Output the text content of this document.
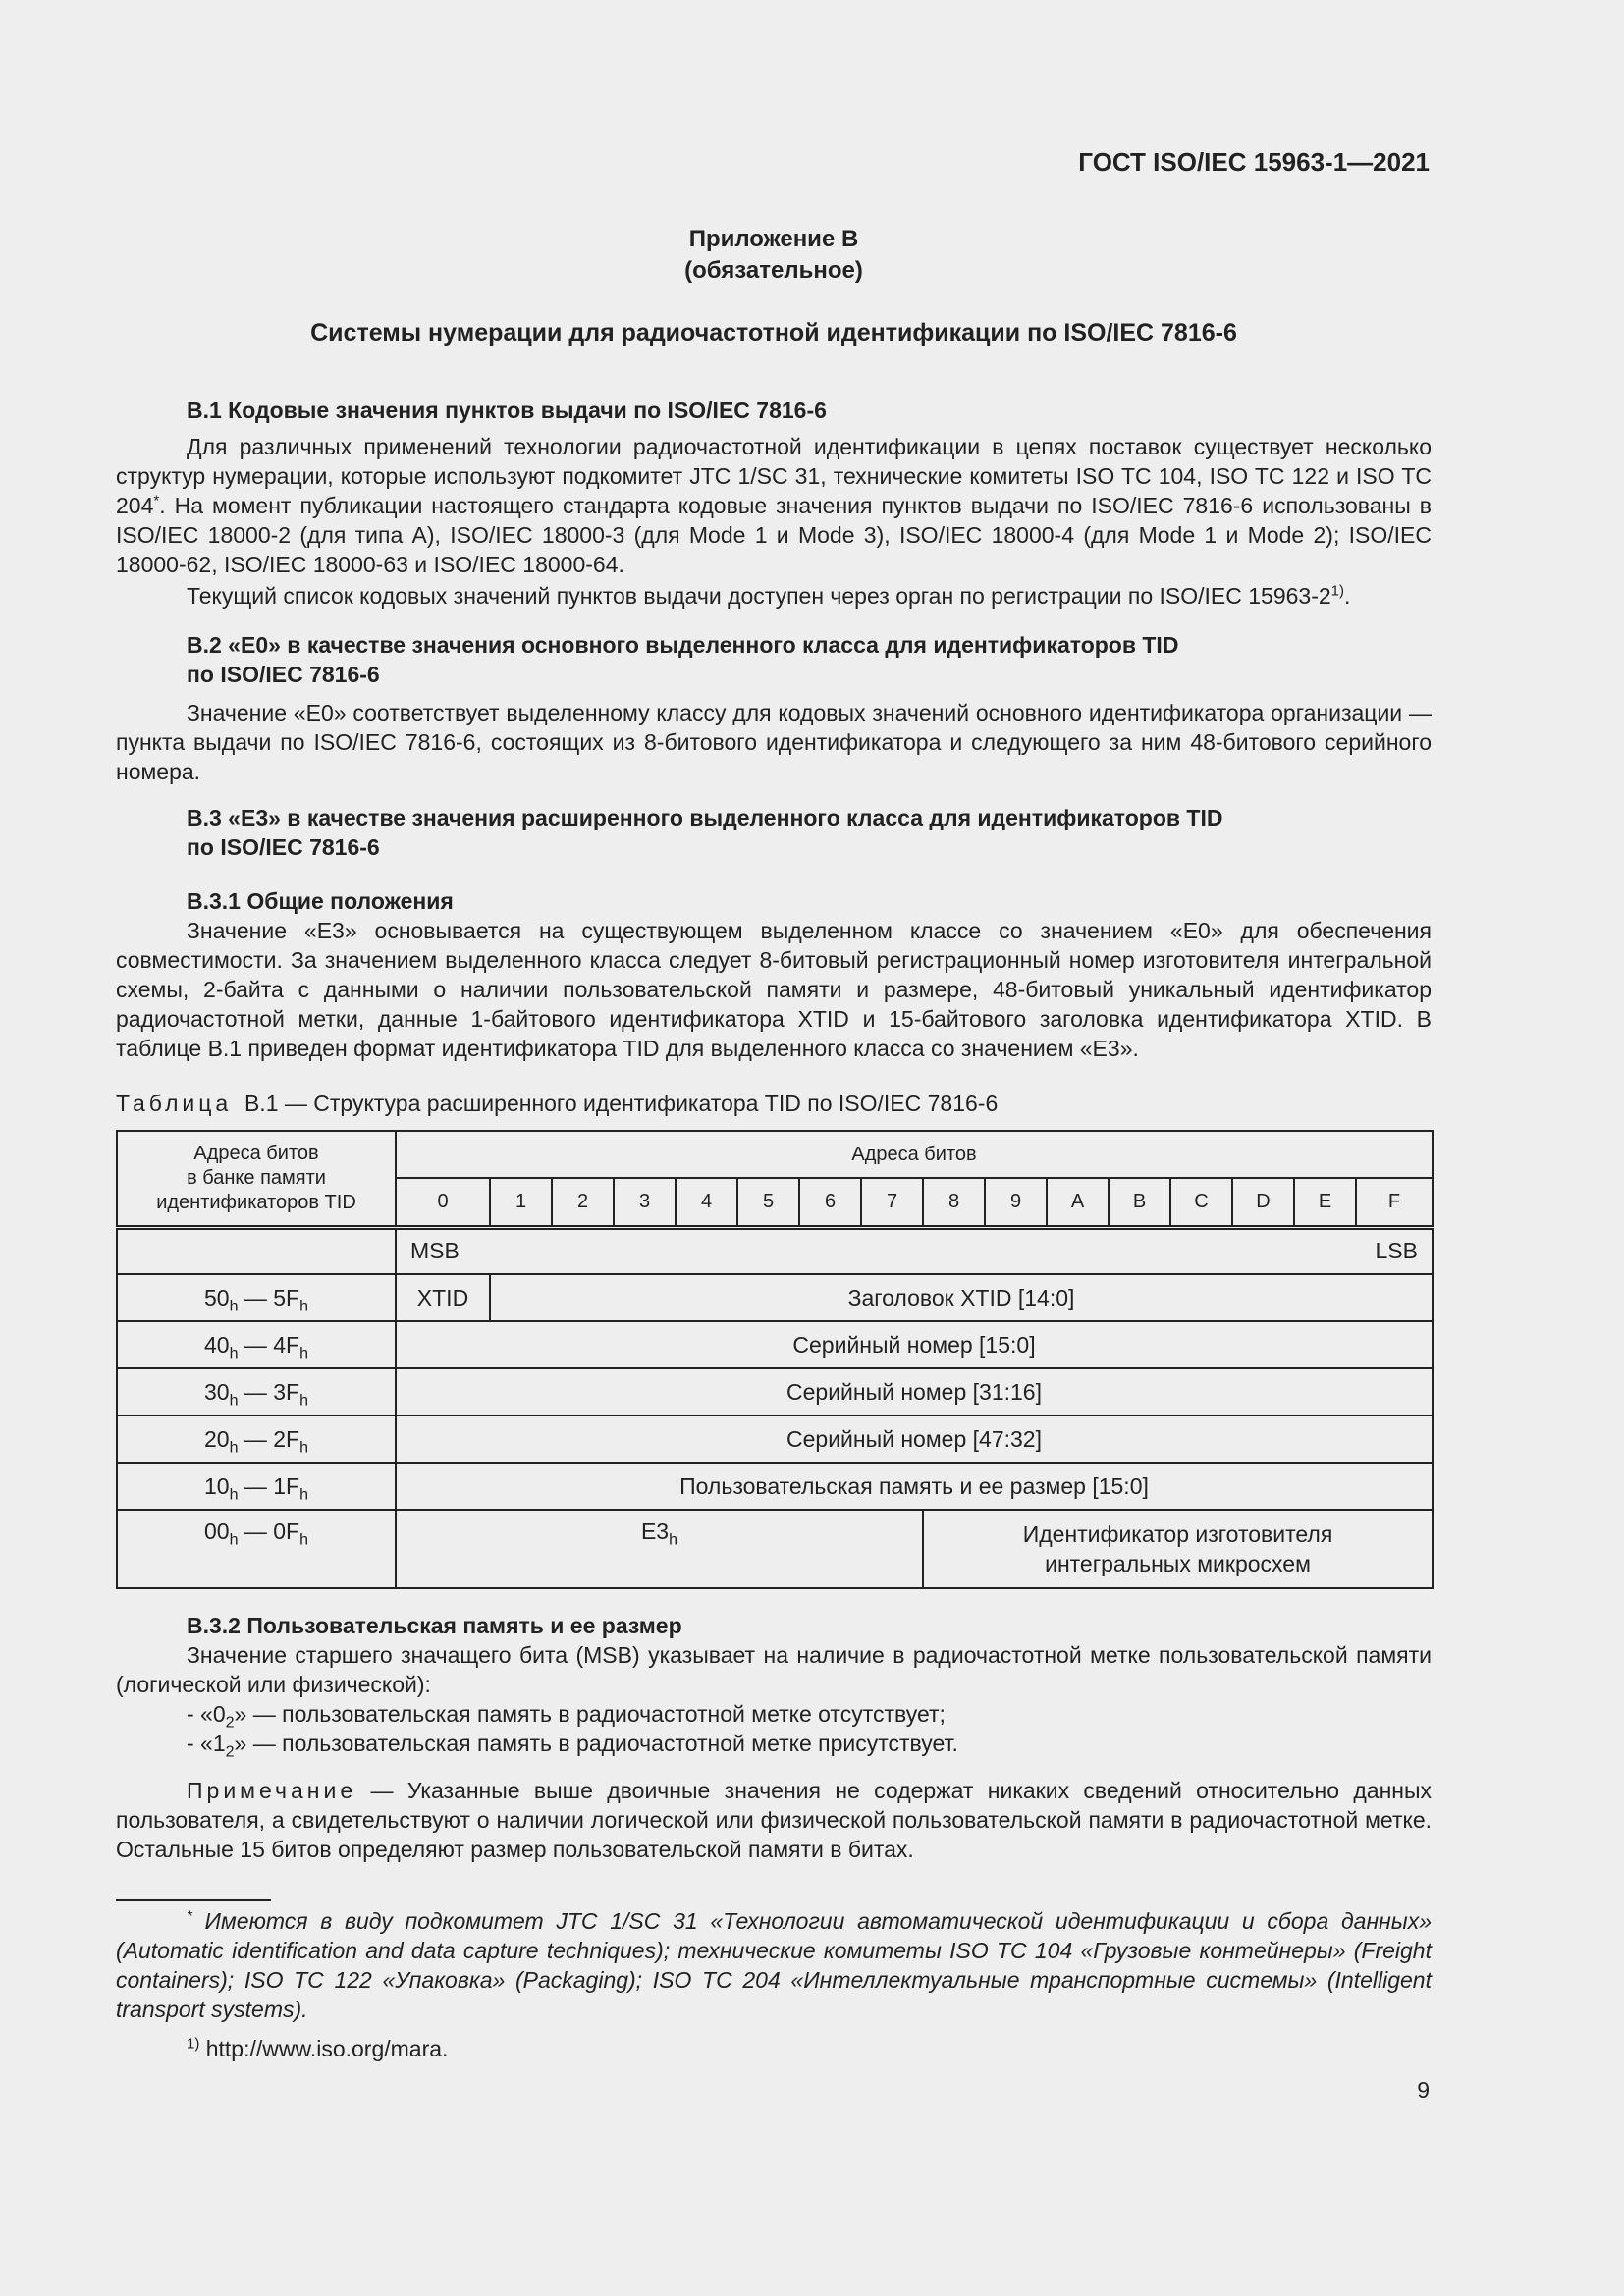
ГОСТ ISO/IEC 15963-1—2021
Приложение В
(обязательное)
Системы нумерации для радиочастотной идентификации по ISO/IEC 7816-6
В.1 Кодовые значения пунктов выдачи по ISO/IEC 7816-6

Для различных применений технологии радиочастотной идентификации в цепях поставок существует несколько структур нумерации, которые используют подкомитет JTC 1/SC 31, технические комитеты ISO TC 104, ISO TC 122 и ISO TC 204*. На момент публикации настоящего стандарта кодовые значения пунктов выдачи по ISO/IEC 7816-6 использованы в ISO/IEC 18000-2 (для типа А), ISO/IEC 18000-3 (для Mode 1 и Mode 3), ISO/IEC 18000-4 (для Mode 1 и Mode 2); ISO/IEC 18000-62, ISO/IEC 18000-63 и ISO/IEC 18000-64.

Текущий список кодовых значений пунктов выдачи доступен через орган по регистрации по ISO/IEC 15963-2$^{1)}$.

В.2 «Е0» в качестве значения основного выделенного класса для идентификаторов TID
по ISO/IEC 7816-6

Значение «Е0» соответствует выделенному классу для кодовых значений основного идентификатора организации — пункта выдачи по ISO/IEC 7816-6, состоящих из 8-битового идентификатора и следующего за ним 48-битового серийного номера.

В.3 «Е3» в качестве значения расширенного выделенного класса для идентификаторов TID
по ISO/IEC 7816-6
В.3.1 Общие положения

Значение «Е3» основывается на существующем выделенном классе со значением «Е0» для обеспечения совместимости. За значением выделенного класса следует 8-битовый регистрационный номер изготовителя интегральной схемы, 2-байта с данными о наличии пользовательской памяти и размере, 48-битовый уникальный идентификатор радиочастотной метки, данные 1-байтового идентификатора XTID и 15-байтового заголовка идентификатора XTID. В таблице В.1 приведен формат идентификатора TID для выделенного класса со значением «Е3».

Таблица В.1 — Структура расширенного идентификатора TID по ISO/IEC 7816-6
Адреса битов
в банке памяти
идентификаторов TID	Адреса битов															
	0	1	2	3	4	5	6	7	8	9	A	B	C	D	E	F
	MSB LSB															

$50_h$ — $5F_h$	XTID	Заголовок XTID [14:0]														
$40_h$ — $4F_h$	Серийный номер [15:0]															
$30_h$ — $3F_h$	Серийный номер [31:16]															
$20_h$ — $2F_h$	Серийный номер [47:32]															
$10_h$ — $1F_h$	Пользовательская память и ее размер [15:0]															
$00_h$ — $0F_h$	$E3_h$								Идентификатор изготовителя
интегральных микросхем							
В.3.2 Пользовательская память и ее размер

Значение старшего значащего бита (MSB) указывает на наличие в радиочастотной метке пользовательской памяти (логической или физической):

- «$0_2$» — пользовательская память в радиочастотной метке отсутствует;
- «$1_2$» — пользовательская память в радиочастотной метке присутствует.

Примечание — Указанные выше двоичные значения не содержат никаких сведений относительно данных пользователя, а свидетельствуют о наличии логической или физической пользовательской памяти в радиочастотной метке. Остальные 15 битов определяют размер пользовательской памяти в битах.

* Имеются в виду подкомитет JTC 1/SC 31 «Технологии автоматической идентификации и сбора данных» (Automatic identification and data capture techniques); технические комитеты ISO TC 104 «Грузовые контейнеры» (Freight containers); ISO TC 122 «Упаковка» (Packaging); ISO TC 204 «Интеллектуальные транспортные системы» (Intelligent transport systems).

$^{1)}$ http://www.iso.org/mara.
9
